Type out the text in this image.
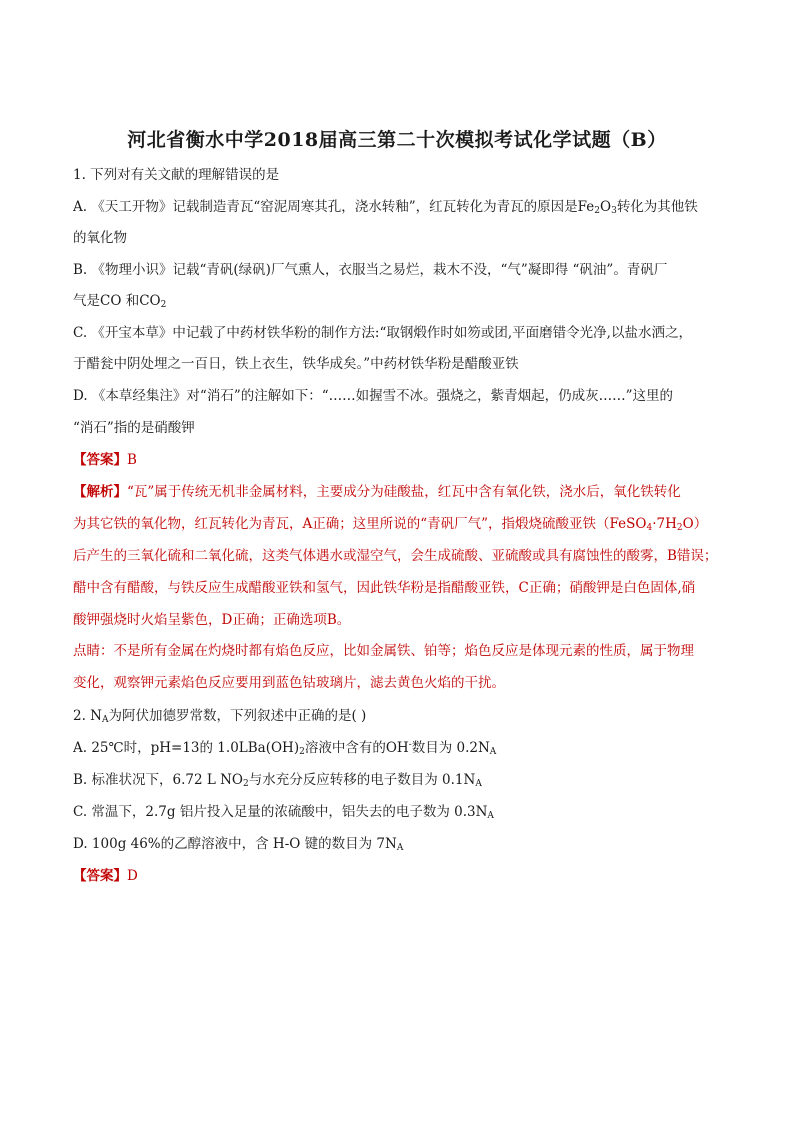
河北省衡水中学2018届高三第二十次模拟考试化学试题（B）
1. 下列对有关文献的理解错误的是
A. 《天工开物》记载制造青瓦“窑泥周寒其孔，浇水转釉”，红瓦转化为青瓦的原因是$Fe_2O_3$转化为其他铁
的氧化物
B. 《物理小识》记载“青矾(绿矾)厂气熏人，衣服当之易烂，栽木不没，“气”凝即得 “矾油”。青矾厂
气是CO 和$CO_2$
C. 《开宝本草》中记载了中药材铁华粉的制作方法:“取钢煅作时如笏或团,平面磨错令光净,以盐水洒之，
于醋瓮中阴处埋之一百日，铁上衣生，铁华成矣。”中药材铁华粉是醋酸亚铁
D. 《本草经集注》对“消石”的注解如下：“……如握雪不冰。强烧之，紫青烟起，仍成灰……”这里的
“消石”指的是硝酸钾
【答案】B
【解析】“瓦”属于传统无机非金属材料，主要成分为硅酸盐，红瓦中含有氧化铁，浇水后，氧化铁转化
为其它铁的氧化物，红瓦转化为青瓦，A正确；这里所说的“青矾厂气”，指煅烧硫酸亚铁$(FeSO_4\cdot 7H_2O)$
后产生的三氧化硫和二氧化硫，这类气体遇水或湿空气，会生成硫酸、亚硫酸或具有腐蚀性的酸雾，B错误；
醋中含有醋酸，与铁反应生成醋酸亚铁和氢气，因此铁华粉是指醋酸亚铁，C正确；硝酸钾是白色固体,硝
酸钾强烧时火焰呈紫色，D正确；正确选项B。
点睛：不是所有金属在灼烧时都有焰色反应，比如金属铁、铂等；焰色反应是体现元素的性质，属于物理
变化，观察钾元素焰色反应要用到蓝色钴玻璃片，滤去黄色火焰的干扰。
2. $N_A$为阿伏加德罗常数，下列叙述中正确的是( )
A. 25℃时，pH=13的 $1.0LBa(OH)_2$溶液中含有的OH-数目为 $0.2N_A$
B. 标准状况下，6.72 L $NO_2$与水充分反应转移的电子数目为 $0.1N_A$
C. 常温下，2.7g 铝片投入足量的浓硫酸中，铝失去的电子数为 $0.3N_A$
D. 100g 46%的乙醇溶液中，含 H-O 键的数目为 $7N_A$
【答案】D
